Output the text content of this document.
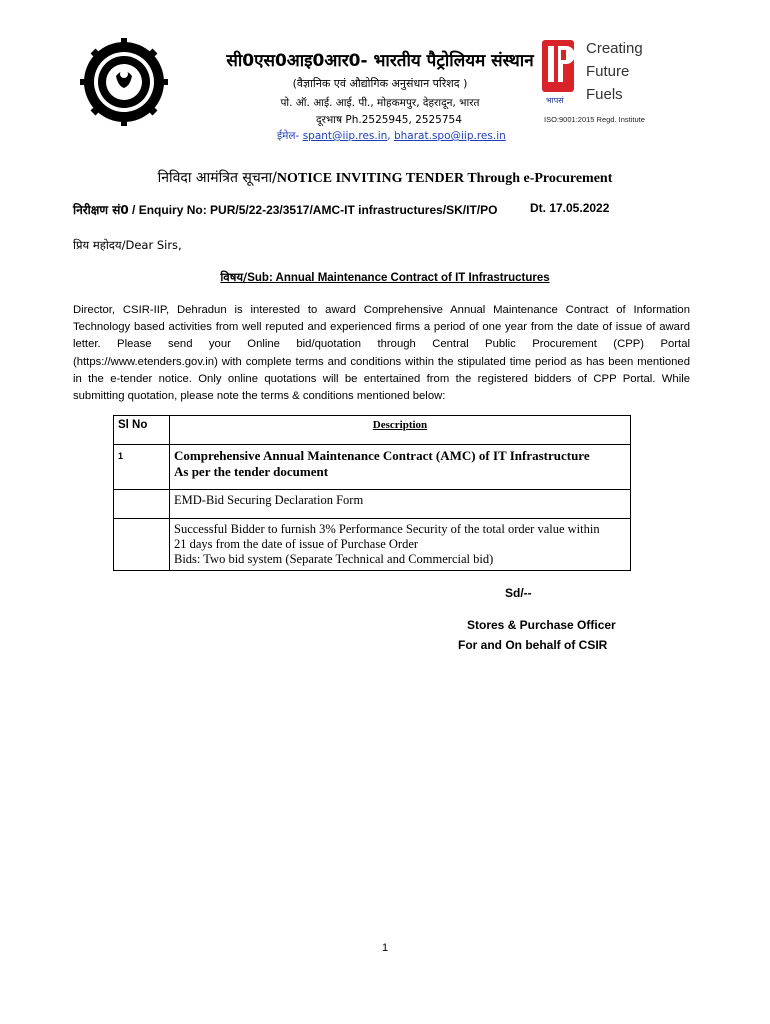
सी0एस0आइ0आर0- भारतीय पैट्रोलियम संस्थान
(वैज्ञानिक एवं औद्योगिक अनुसंधान परिशद )
पो. ऑ. आई. आई. पी., मोहकमपुर, देहरादून, भारत
दूरभाष Ph.2525945, 2525754
ईमेल- spant@iip.res.in, bharat.spo@iip.res.in
Creating
Future
Fuels
भापसं
ISO:9001:2015 Regd. Institute
निविदा आमंत्रित सूचना/NOTICE INVITING TENDER Through e-Procurement
निरीक्षण सं0 / Enquiry No: PUR/5/22-23/3517/AMC-IT infrastructures/SK/IT/PO	Dt. 17.05.2022
प्रिय महोदय/Dear Sirs,
विषय/Sub: Annual Maintenance Contract of IT Infrastructures
Director, CSIR-IIP, Dehradun is interested to award Comprehensive Annual Maintenance Contract of Information Technology based activities from well reputed and experienced firms a period of one year from the date of issue of award letter. Please send your Online bid/quotation through Central Public Procurement (CPP) Portal (https://www.etenders.gov.in) with complete terms and conditions within the stipulated time period as has been mentioned in the e-tender notice. Only online quotations will be entertained from the registered bidders of CPP Portal. While submitting quotation, please note the terms & conditions mentioned below:
Sl No	Description
1	Comprehensive Annual Maintenance Contract (AMC) of IT Infrastructure
As per the tender document

	EMD-Bid Securing Declaration Form

	Successful Bidder to furnish 3% Performance Security of the total order value within
21 days from the date of issue of Purchase Order
Bids: Two bid system (Separate Technical and Commercial bid)
Sd/--
Stores & Purchase Officer
For and On behalf of CSIR
1
